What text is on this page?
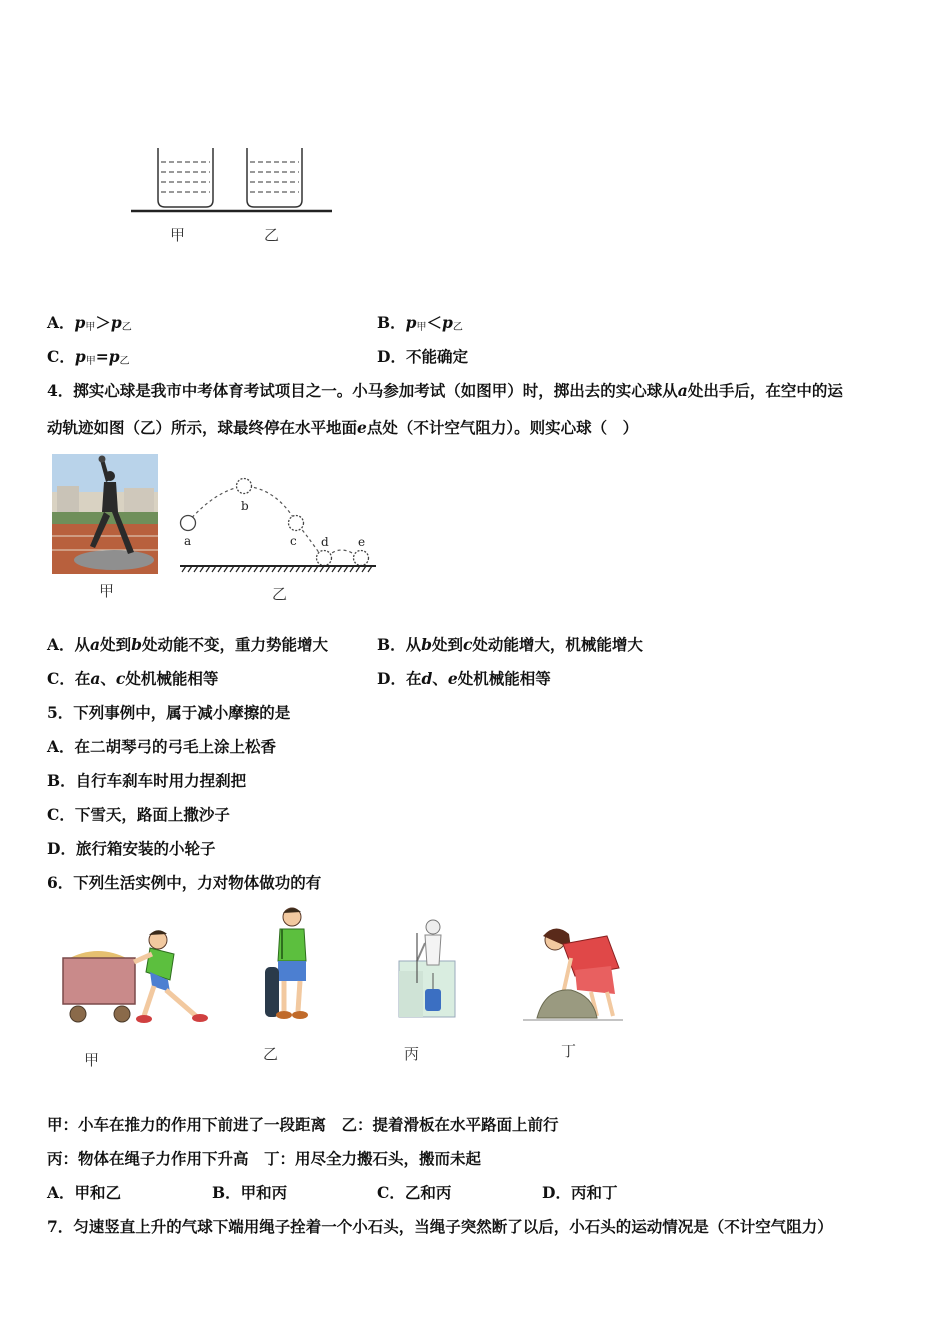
甲	乙
A．$p_甲>p_乙$	B．$p_甲<p_乙$
C．$p_甲=p_乙$	D．不能确定
4．掷实心球是我市中考体育考试项目之一。小马参加考试（如图甲）时，掷出去的实心球从a处出手后，在空中的运
动轨迹如图（乙）所示，球最终停在水平地面e点处（不计空气阻力）。则实心球（　）
甲
a
b
c d e
乙
A．从a处到b处动能不变，重力势能增大	B．从b处到c处动能增大，机械能增大
C．在a、c处机械能相等	D．在d、e处机械能相等
5．下列事例中，属于减小摩擦的是
A．在二胡琴弓的弓毛上涂上松香
B．自行车刹车时用力捏刹把
C．下雪天，路面上撒沙子
D．旅行箱安装的小轮子
6．下列生活实例中，力对物体做功的有
甲	乙	丙	丁
甲：小车在推力的作用下前进了一段距离　乙：提着滑板在水平路面上前行
丙：物体在绳子力作用下升高　丁：用尽全力搬石头，搬而未起
A．甲和乙	B．甲和丙	C．乙和丙	D．丙和丁
7．匀速竖直上升的气球下端用绳子拴着一个小石头，当绳子突然断了以后，小石头的运动情况是（不计空气阻力）
